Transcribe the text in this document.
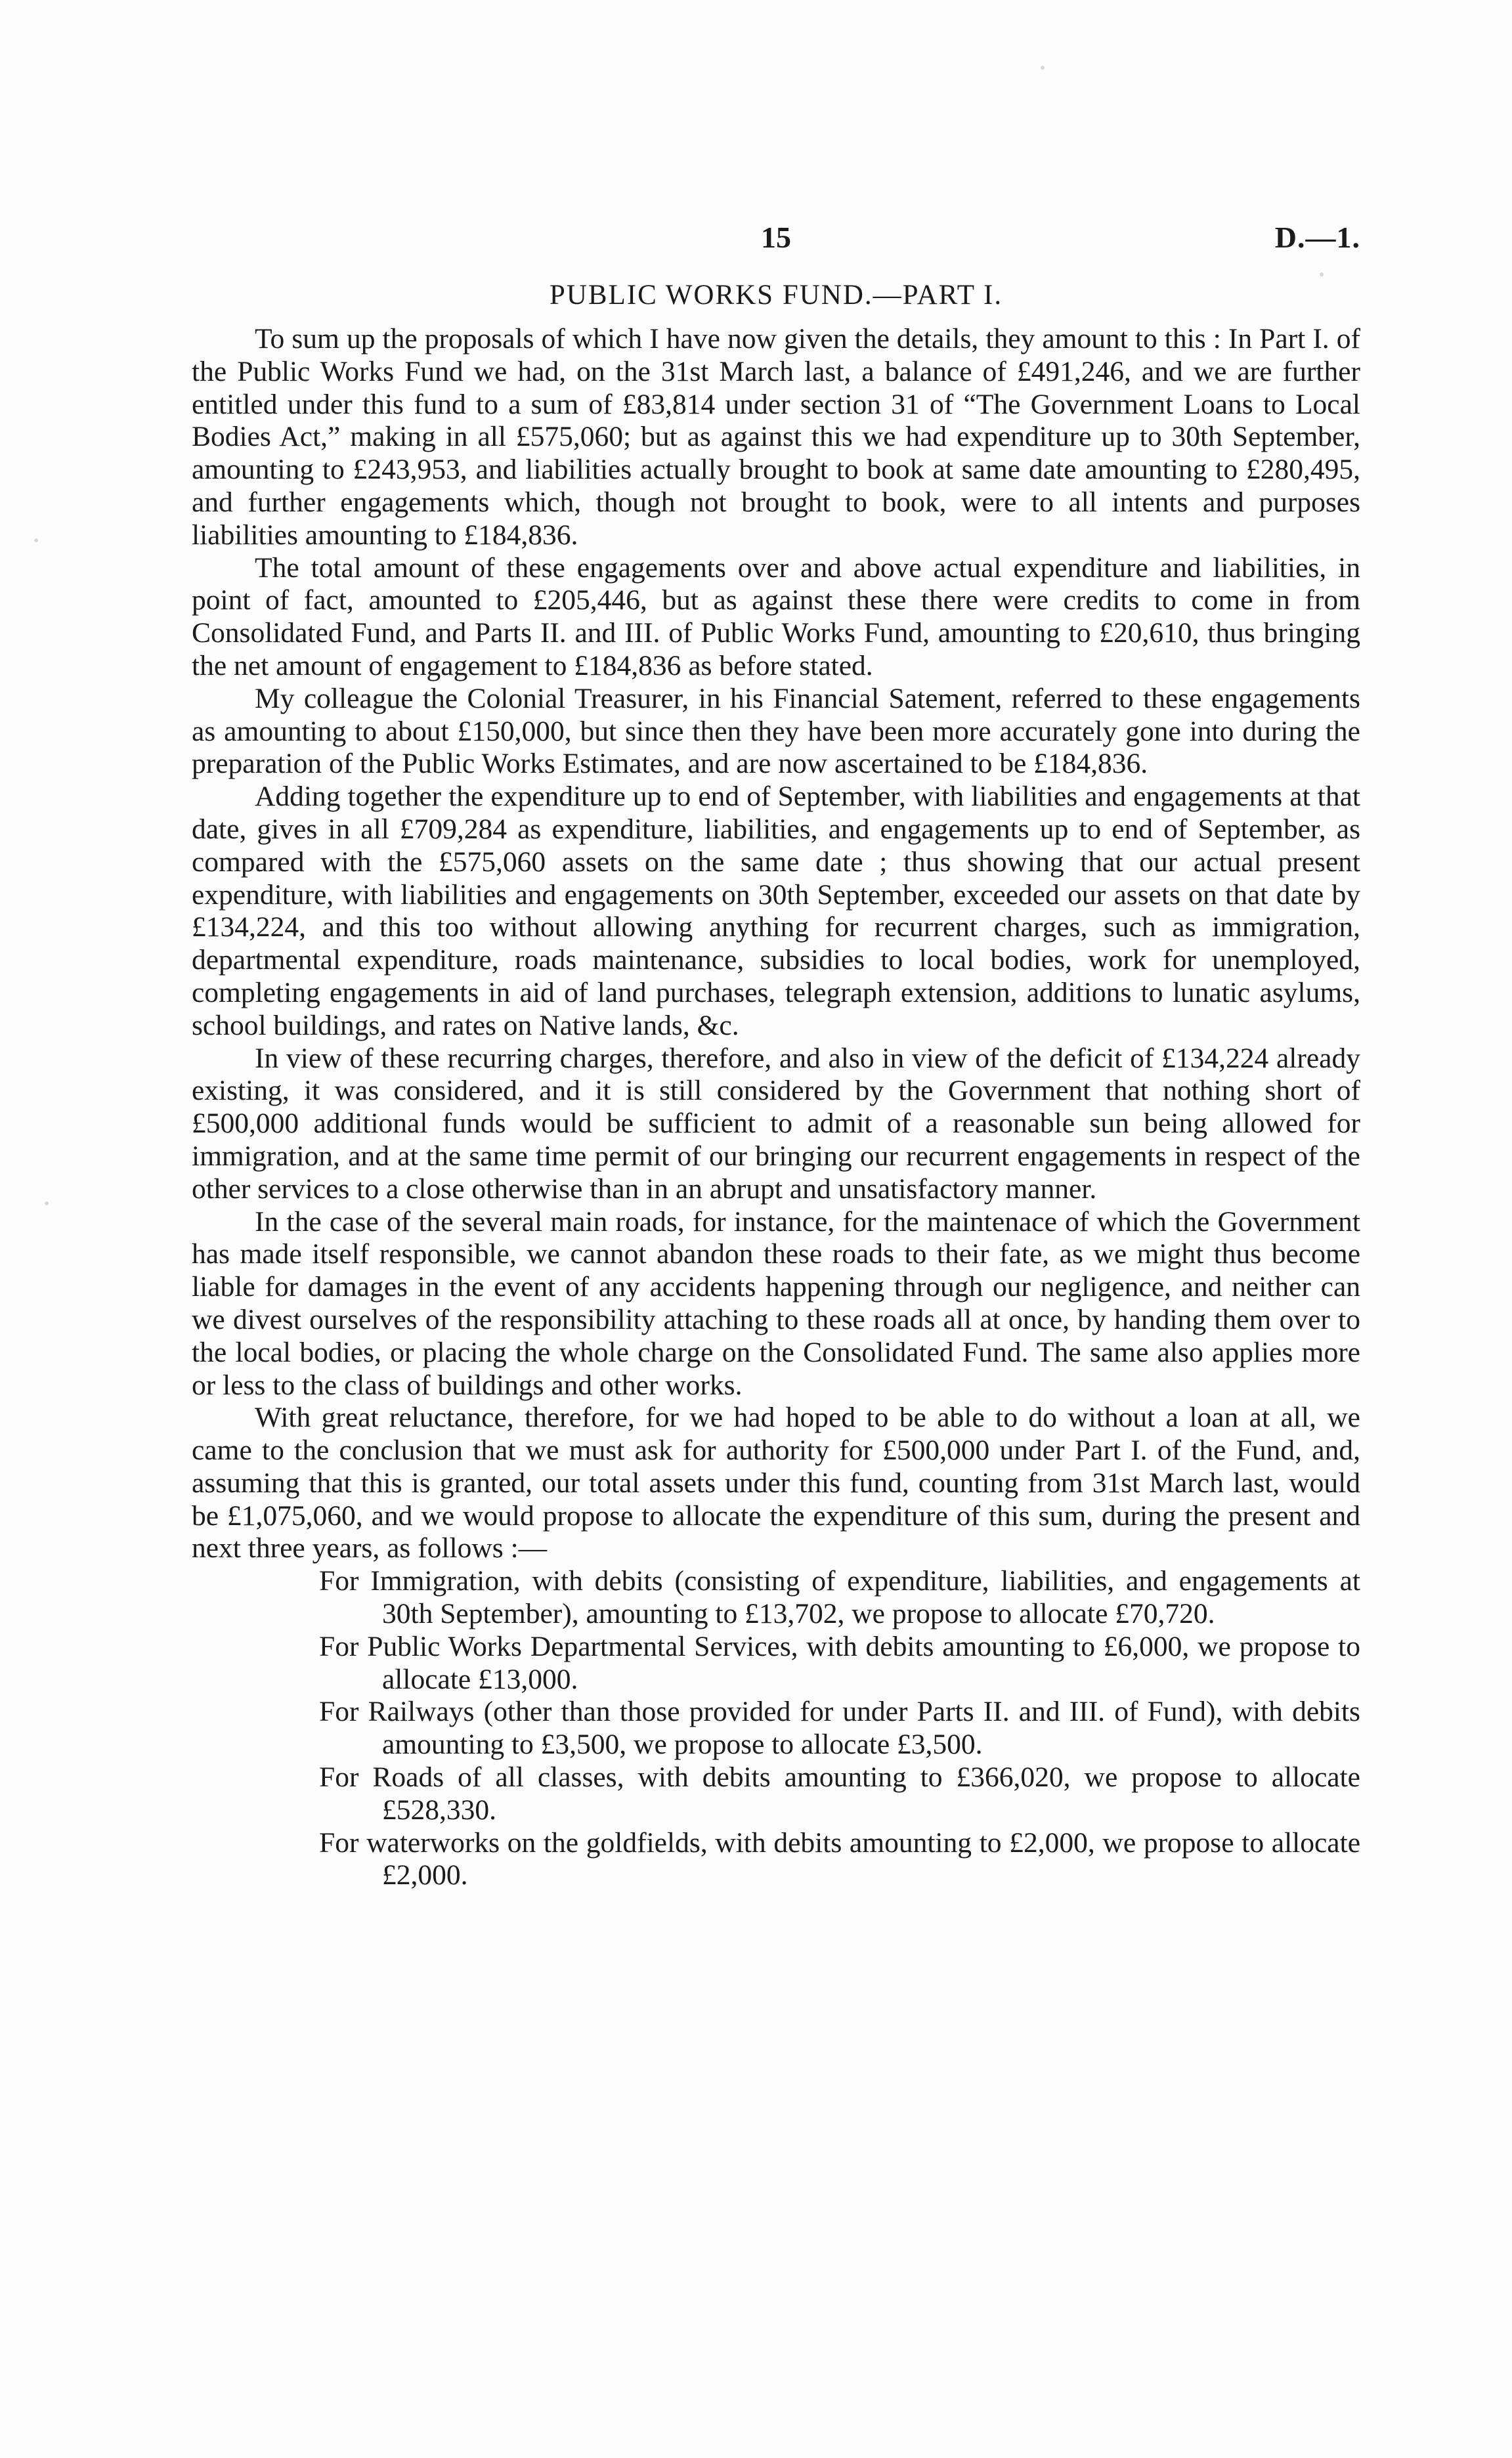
15	D.—1.
PUBLIC WORKS FUND.—PART I.

To sum up the proposals of which I have now given the details, they amount to this : In Part I. of the Public Works Fund we had, on the 31st March last, a balance of £491,246, and we are further entitled under this fund to a sum of £83,814 under section 31 of “The Government Loans to Local Bodies Act,” making in all £575,060; but as against this we had expenditure up to 30th September, amounting to £243,953, and liabilities actually brought to book at same date amounting to £280,495, and further engagements which, though not brought to book, were to all intents and purposes liabilities amounting to £184,836.

The total amount of these engagements over and above actual expenditure and liabilities, in point of fact, amounted to £205,446, but as against these there were credits to come in from Consolidated Fund, and Parts II. and III. of Public Works Fund, amounting to £20,610, thus bringing the net amount of engagement to £184,836 as before stated.

My colleague the Colonial Treasurer, in his Financial Satement, referred to these engagements as amounting to about £150,000, but since then they have been more accurately gone into during the preparation of the Public Works Estimates, and are now ascertained to be £184,836.

Adding together the expenditure up to end of September, with liabilities and engagements at that date, gives in all £709,284 as expenditure, liabilities, and engagements up to end of September, as compared with the £575,060 assets on the same date ; thus showing that our actual present expenditure, with liabilities and engagements on 30th September, exceeded our assets on that date by £134,224, and this too without allowing anything for recurrent charges, such as immigration, departmental expenditure, roads maintenance, subsidies to local bodies, work for unemployed, completing engagements in aid of land purchases, telegraph extension, additions to lunatic asylums, school buildings, and rates on Native lands, &c.

In view of these recurring charges, therefore, and also in view of the deficit of £134,224 already existing, it was considered, and it is still considered by the Government that nothing short of £500,000 additional funds would be sufficient to admit of a reasonable sun being allowed for immigration, and at the same time permit of our bringing our recurrent engagements in respect of the other services to a close otherwise than in an abrupt and unsatisfactory manner.

In the case of the several main roads, for instance, for the maintenace of which the Government has made itself responsible, we cannot abandon these roads to their fate, as we might thus become liable for damages in the event of any accidents happening through our negligence, and neither can we divest ourselves of the responsibility attaching to these roads all at once, by handing them over to the local bodies, or placing the whole charge on the Consolidated Fund. The same also applies more or less to the class of buildings and other works.

With great reluctance, therefore, for we had hoped to be able to do without a loan at all, we came to the conclusion that we must ask for authority for £500,000 under Part I. of the Fund, and, assuming that this is granted, our total assets under this fund, counting from 31st March last, would be £1,075,060, and we would propose to allocate the expenditure of this sum, during the present and next three years, as follows :—

For Immigration, with debits (consisting of expenditure, liabilities, and engagements at 30th September), amounting to £13,702, we propose to allocate £70,720.
For Public Works Departmental Services, with debits amounting to £6,000, we propose to allocate £13,000.
For Railways (other than those provided for under Parts II. and III. of Fund), with debits amounting to £3,500, we propose to allocate £3,500.
For Roads of all classes, with debits amounting to £366,020, we propose to allocate £528,330.
For waterworks on the goldfields, with debits amounting to £2,000, we propose to allocate £2,000.
